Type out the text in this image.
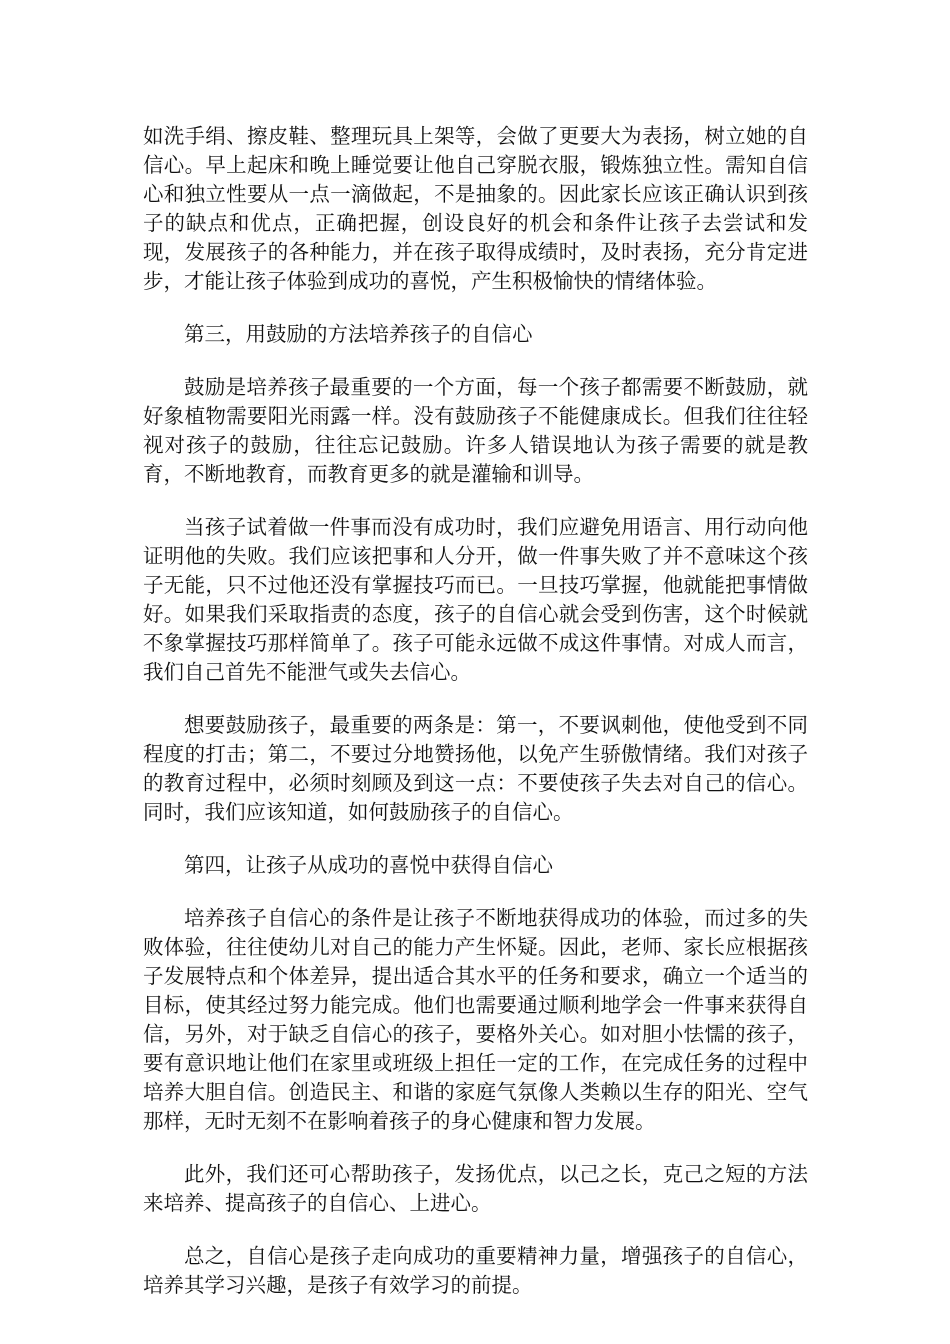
如洗手绢、擦皮鞋、整理玩具上架等，会做了更要大为表扬，树立她的自信心。早上起床和晚上睡觉要让他自己穿脱衣服，锻炼独立性。需知自信心和独立性要从一点一滴做起，不是抽象的。因此家长应该正确认识到孩子的缺点和优点，正确把握，创设良好的机会和条件让孩子去尝试和发现，发展孩子的各种能力，并在孩子取得成绩时，及时表扬，充分肯定进步，才能让孩子体验到成功的喜悦，产生积极愉快的情绪体验。

第三，用鼓励的方法培养孩子的自信心

鼓励是培养孩子最重要的一个方面，每一个孩子都需要不断鼓励，就好象植物需要阳光雨露一样。没有鼓励孩子不能健康成长。但我们往往轻视对孩子的鼓励，往往忘记鼓励。许多人错误地认为孩子需要的就是教育，不断地教育，而教育更多的就是灌输和训导。

当孩子试着做一件事而没有成功时，我们应避免用语言、用行动向他证明他的失败。我们应该把事和人分开，做一件事失败了并不意味这个孩子无能，只不过他还没有掌握技巧而已。一旦技巧掌握，他就能把事情做好。如果我们采取指责的态度，孩子的自信心就会受到伤害，这个时候就不象掌握技巧那样简单了。孩子可能永远做不成这件事情。对成人而言，我们自己首先不能泄气或失去信心。

想要鼓励孩子，最重要的两条是：第一，不要讽刺他，使他受到不同程度的打击；第二，不要过分地赞扬他，以免产生骄傲情绪。我们对孩子的教育过程中，必须时刻顾及到这一点：不要使孩子失去对自己的信心。同时，我们应该知道，如何鼓励孩子的自信心。

第四，让孩子从成功的喜悦中获得自信心

培养孩子自信心的条件是让孩子不断地获得成功的体验，而过多的失败体验，往往使幼儿对自己的能力产生怀疑。因此，老师、家长应根据孩子发展特点和个体差异，提出适合其水平的任务和要求，确立一个适当的目标，使其经过努力能完成。他们也需要通过顺利地学会一件事来获得自信，另外，对于缺乏自信心的孩子，要格外关心。如对胆小怯懦的孩子，要有意识地让他们在家里或班级上担任一定的工作，在完成任务的过程中培养大胆自信。创造民主、和谐的家庭气氛像人类赖以生存的阳光、空气那样，无时无刻不在影响着孩子的身心健康和智力发展。

此外，我们还可心帮助孩子，发扬优点，以己之长，克己之短的方法来培养、提高孩子的自信心、上进心。

总之，自信心是孩子走向成功的重要精神力量，增强孩子的自信心，培养其学习兴趣，是孩子有效学习的前提。
